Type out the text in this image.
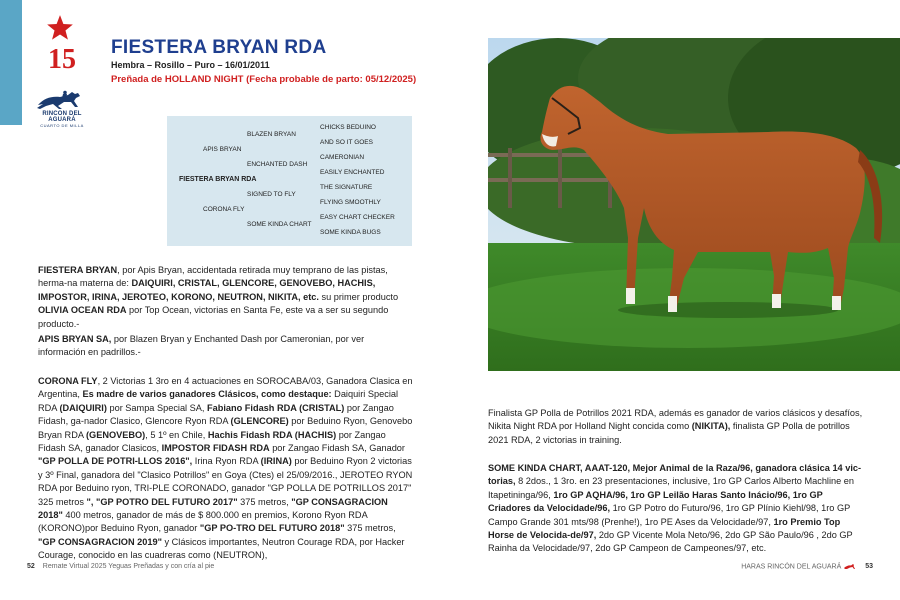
15
RINCON DEL AGUARÁ
CUARTO DE MILLA
FIESTERA BRYAN RDA
Hembra – Rosillo – Puro – 16/01/2011
Preñada de HOLLAND NIGHT (Fecha probable de parto: 05/12/2025)
BLAZEN BRYAN
APIS BRYAN
ENCHANTED DASH
FIESTERA BRYAN RDA
SIGNED TO FLY
CORONA FLY
SOME KINDA CHART
CHICKS BEDUINO
AND SO IT GOES
CAMERONIAN
EASILY ENCHANTED
THE SIGNATURE
FLYING SMOOTHLY
EASY CHART CHECKER
SOME KINDA BUGS

FIESTERA BRYAN, por Apis Bryan, accidentada retirada muy temprano de las pistas, herma-na materna de: DAIQUIRI, CRISTAL, GLENCORE, GENOVEBO, HACHIS, IMPOSTOR, IRINA, JEROTEO, KORONO, NEUTRON, NIKITA, etc. su primer producto OLIVIA OCEAN RDA por Top Ocean, victorias en Santa Fe, este va a ser su segundo producto.-

APIS BRYAN SA, por Blazen Bryan y Enchanted Dash por Cameronian, por ver información en padrillos.-

CORONA FLY, 2 Victorias 1 3ro en 4 actuaciones en SOROCABA/03, Ganadora Clasica en Argentina, Es madre de varios ganadores Clásicos, como destaque: Daiquiri Special RDA (DAIQUIRI) por Sampa Special SA, Fabiano Fidash RDA (CRISTAL) por Zangao Fidash, ga-nador Clasico, Glencore Ryon RDA (GLENCORE) por Beduino Ryon, Genovebo Bryan RDA (GENOVEBO), 5 1º en Chile, Hachis Fidash RDA (HACHIS) por Zangao Fidash SA, ganador Clasicos, IMPOSTOR FIDASH RDA por Zangao Fidash SA, Ganador "GP POLLA DE POTRI-LLOS 2016", Irina Ryon RDA (IRINA) por Beduino Ryon 2 victorias y 3º Final, ganadora del "Clasico Potrillos" en Goya (Ctes) el 25/09/2016., JEROTEO RYON RDA por Beduino ryon, TRI-PLE CORONADO, ganador "GP POLLA DE POTRILLOS 2017" 325 metros ", "GP POTRO DEL FUTURO 2017" 375 metros, "GP CONSAGRACION 2018" 400 metros, ganador de más de $ 800.000 en premios, Korono Ryon RDA (KORONO)por Beduino Ryon, ganador "GP PO-TRO DEL FUTURO 2018" 375 metros, "GP CONSAGRACION 2019" y Clásicos importantes, Neutron Courage RDA, por Hacker Courage, conocido en las cuadreras como (NEUTRON),

Finalista GP Polla de Potrillos 2021 RDA, además es ganador de varios clásicos y desafíos, Nikita Night RDA por Holland Night concida como (NIKITA), finalista GP Polla de potrillos 2021 RDA, 2 victorias in training.

SOME KINDA CHART, AAAT-120, Mejor Animal de la Raza/96, ganadora clásica 14 vic-torias, 8 2dos., 1 3ro. en 23 presentaciones, inclusive, 1ro GP Carlos Alberto Machline en Itapetininga/96, 1ro GP AQHA/96, 1ro GP Leilão Haras Santo Inácio/96, 1ro GP Criadores da Velocidade/96, 1ro GP Potro do Futuro/96, 1ro GP Plínio Kiehl/98, 1ro GP Campo Grande 301 mts/98 (Prenhe!), 1ro PE Ases da Velocidade/97, 1ro Premio Top Horse de Velocida-de/97, 2do GP Vicente Mola Neto/96, 2do GP São Paulo/96 , 2do GP Rainha da Velocidade/97, 2do GP Campeon de Campeones/97, etc.

52 Remate Virtual 2025 Yeguas Preñadas y con cría al pie	HARAS RINCÓN DEL AGUARÁ	53
